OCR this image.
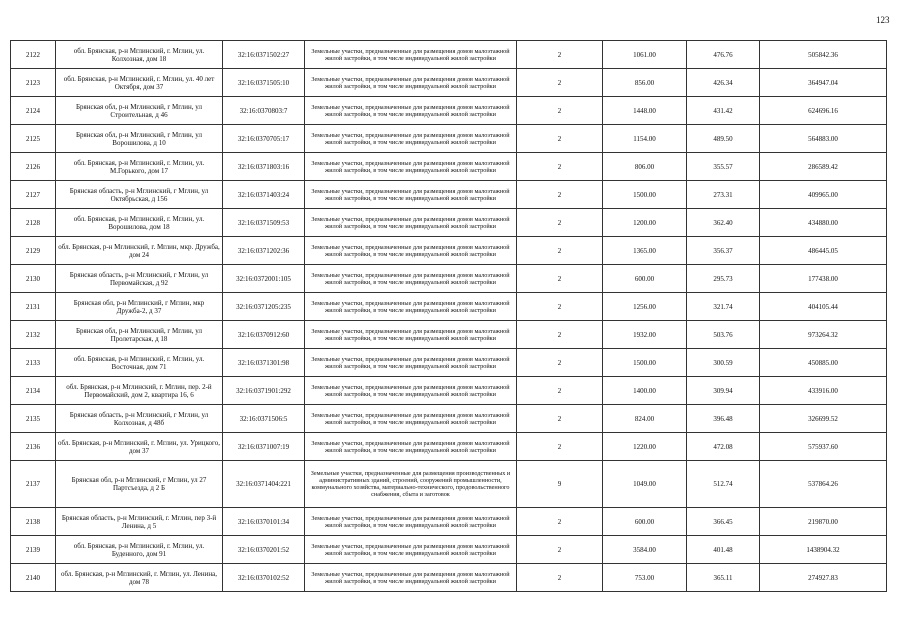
123
2122	обл. Брянская, р-н Мглинский, г. Мглин, ул. Колхозная, дом 18	32:16:0371502:27	Земельные участки, предназначенные для размещения домов малоэтажной жилой застройки, в том числе индивидуальной жилой застройки	2	1061.00	476.76	505842.36
2123	обл. Брянская, р-н Мглинский, г. Мглин, ул. 40 лет Октября, дом 37	32:16:0371505:10	Земельные участки, предназначенные для размещения домов малоэтажной жилой застройки, в том числе индивидуальной жилой застройки	2	856.00	426.34	364947.04
2124	Брянская обл, р-н Мглинский, г Мглин, ул Строительная, д 46	32:16:0370803:7	Земельные участки, предназначенные для размещения домов малоэтажной жилой застройки, в том числе индивидуальной жилой застройки	2	1448.00	431.42	624696.16
2125	Брянская обл, р-н Мглинский, г Мглин, ул Ворошилова, д 10	32:16:0370705:17	Земельные участки, предназначенные для размещения домов малоэтажной жилой застройки, в том числе индивидуальной жилой застройки	2	1154.00	489.50	564883.00
2126	обл. Брянская, р-н Мглинский, г. Мглин, ул. М.Горького, дом 17	32:16:0371803:16	Земельные участки, предназначенные для размещения домов малоэтажной жилой застройки, в том числе индивидуальной жилой застройки	2	806.00	355.57	286589.42
2127	Брянская область, р-н Мглинский, г Мглин, ул Октябрьская, д 156	32:16:0371403:24	Земельные участки, предназначенные для размещения домов малоэтажной жилой застройки, в том числе индивидуальной жилой застройки	2	1500.00	273.31	409965.00
2128	обл. Брянская, р-н Мглинский, г. Мглин, ул. Ворошилова, дом 18	32:16:0371509:53	Земельные участки, предназначенные для размещения домов малоэтажной жилой застройки, в том числе индивидуальной жилой застройки	2	1200.00	362.40	434880.00
2129	обл. Брянская, р-н Мглинский, г. Мглин, мкр. Дружба, дом 24	32:16:0371202:36	Земельные участки, предназначенные для размещения домов малоэтажной жилой застройки, в том числе индивидуальной жилой застройки	2	1365.00	356.37	486445.05
2130	Брянская область, р-н Мглинский, г Мглин, ул Первомайская, д 92	32:16:0372001:105	Земельные участки, предназначенные для размещения домов малоэтажной жилой застройки, в том числе индивидуальной жилой застройки	2	600.00	295.73	177438.00
2131	Брянская обл, р-н Мглинский, г Мглин, мкр Дружба-2, д 37	32:16:0371205:235	Земельные участки, предназначенные для размещения домов малоэтажной жилой застройки, в том числе индивидуальной жилой застройки	2	1256.00	321.74	404105.44
2132	Брянская обл, р-н Мглинский, г Мглин, ул Пролетарская, д 18	32:16:0370912:60	Земельные участки, предназначенные для размещения домов малоэтажной жилой застройки, в том числе индивидуальной жилой застройки	2	1932.00	503.76	973264.32
2133	обл. Брянская, р-н Мглинский, г. Мглин, ул. Восточная, дом 71	32:16:0371301:98	Земельные участки, предназначенные для размещения домов малоэтажной жилой застройки, в том числе индивидуальной жилой застройки	2	1500.00	300.59	450885.00
2134	обл. Брянская, р-н Мглинский, г. Мглин, пер. 2-й Первомайский, дом 2, квартира 16, 6	32:16:0371901:292	Земельные участки, предназначенные для размещения домов малоэтажной жилой застройки, в том числе индивидуальной жилой застройки	2	1400.00	309.94	433916.00
2135	Брянская область, р-н Мглинский, г Мглин, ул Колхозная, д 48б	32:16:0371506:5	Земельные участки, предназначенные для размещения домов малоэтажной жилой застройки, в том числе индивидуальной жилой застройки	2	824.00	396.48	326699.52
2136	обл. Брянская, р-н Мглинский, г. Мглин, ул. Урицкого, дом 37	32:16:0371007:19	Земельные участки, предназначенные для размещения домов малоэтажной жилой застройки, в том числе индивидуальной жилой застройки	2	1220.00	472.08	575937.60
2137	Брянская обл, р-н Мглинский, г Мглин, ул 27 Партсъезда, д 2 Б	32:16:0371404:221	Земельные участки, предназначенные для размещения производственных и административных зданий, строений, сооружений промышленности, коммунального хозяйства, материально-технического, продовольственного снабжения, сбыта и заготовок	9	1049.00	512.74	537864.26
2138	Брянская область, р-н Мглинский, г. Мглин, пер 3-й Ленина, д 5	32:16:0370101:34	Земельные участки, предназначенные для размещения домов малоэтажной жилой застройки, в том числе индивидуальной жилой застройки	2	600.00	366.45	219870.00
2139	обл. Брянская, р-н Мглинский, г. Мглин, ул. Буденного, дом 91	32:16:0370201:52	Земельные участки, предназначенные для размещения домов малоэтажной жилой застройки, в том числе индивидуальной жилой застройки	2	3584.00	401.48	1438904.32
2140	обл. Брянская, р-н Мглинский, г. Мглин, ул. Ленина, дом 78	32:16:0370102:52	Земельные участки, предназначенные для размещения домов малоэтажной жилой застройки, в том числе индивидуальной жилой застройки	2	753.00	365.11	274927.83
